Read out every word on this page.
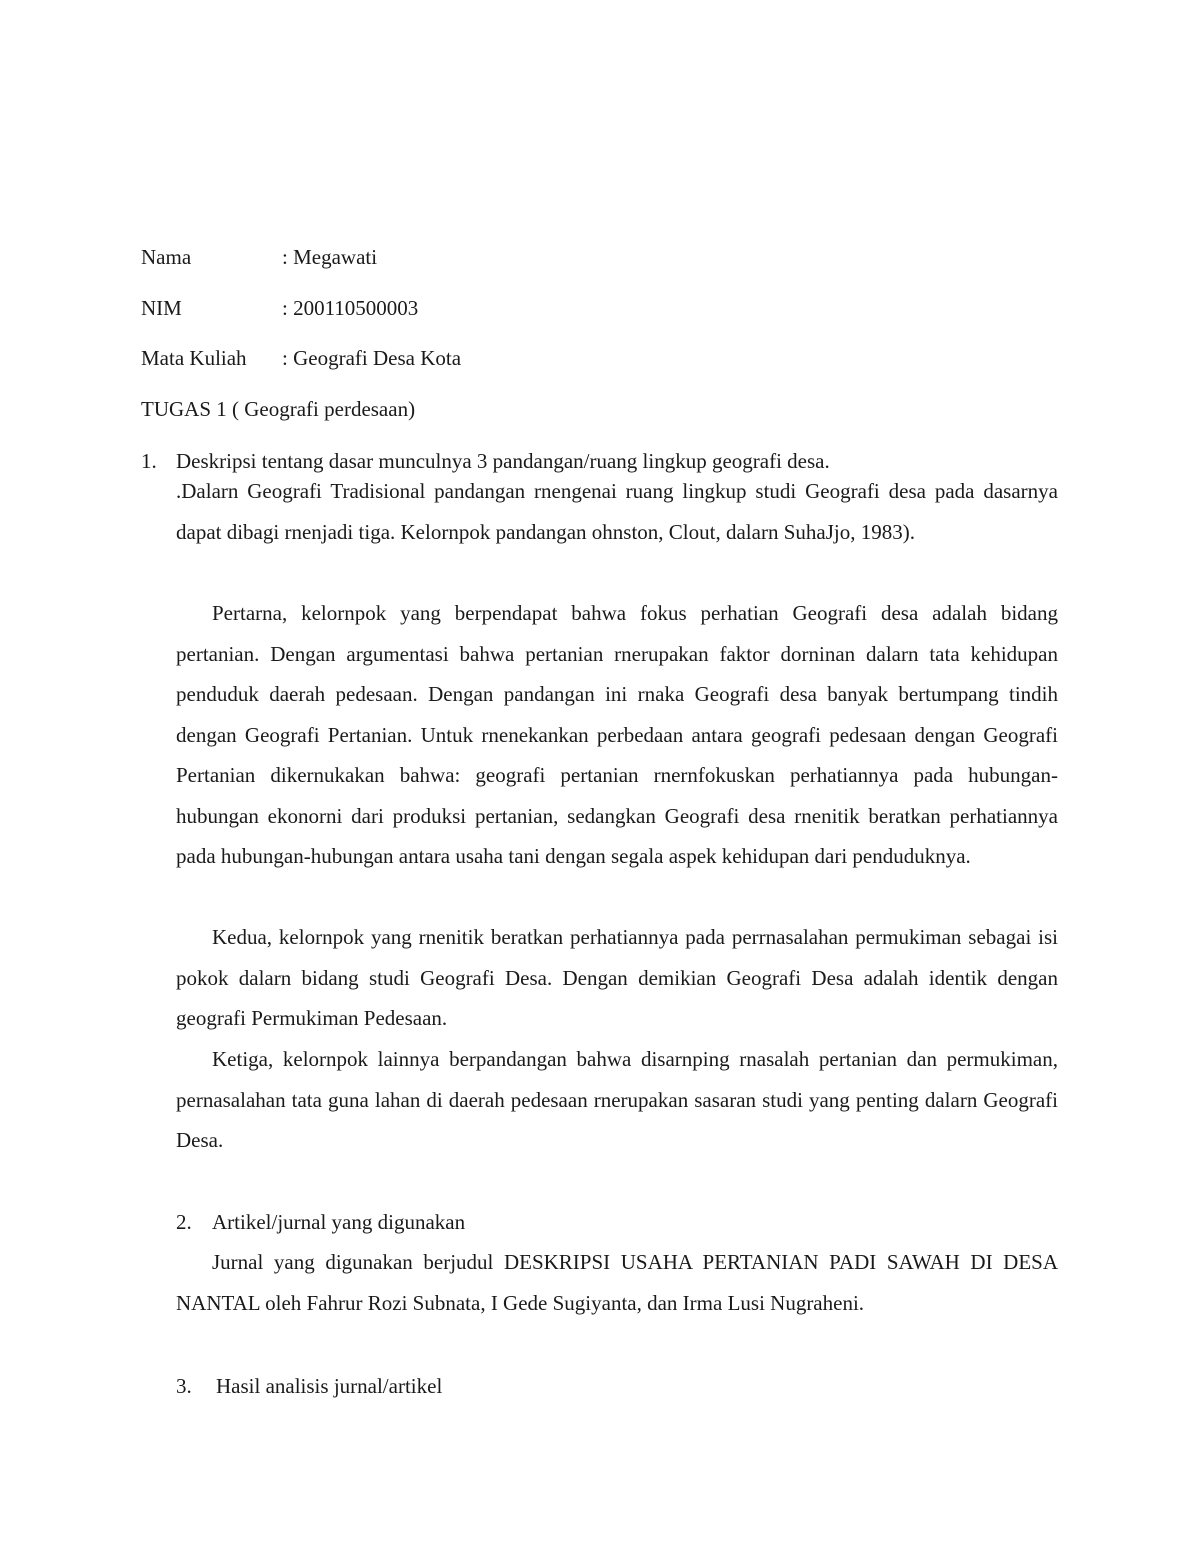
Nama	: Megawati
NIM	: 200110500003
Mata Kuliah : Geografi Desa Kota
TUGAS 1 ( Geografi perdesaan)
1. Deskripsi tentang dasar munculnya 3 pandangan/ruang lingkup geografi desa.

.Dalarn Geografi Tradisional pandangan rnengenai ruang lingkup studi Geografi desa pada dasarnya dapat dibagi rnenjadi tiga. Kelornpok pandangan ohnston, Clout, dalarn SuhaJjo, 1983).

Pertarna, kelornpok yang berpendapat bahwa fokus perhatian Geografi desa adalah bidang pertanian. Dengan argumentasi bahwa pertanian rnerupakan faktor dorninan dalarn tata kehidupan penduduk daerah pedesaan. Dengan pandangan ini rnaka Geografi desa banyak bertumpang tindih dengan Geografi Pertanian. Untuk rnenekankan perbedaan antara geografi pedesaan dengan Geografi Pertanian dikernukakan bahwa: geografi pertanian rnernfokuskan perhatiannya pada hubungan-hubungan ekonorni dari produksi pertanian, sedangkan Geografi desa rnenitik beratkan perhatiannya pada hubungan-hubungan antara usaha tani dengan segala aspek kehidupan dari penduduknya.

Kedua, kelornpok yang rnenitik beratkan perhatiannya pada perrnasalahan permukiman sebagai isi pokok dalarn bidang studi Geografi Desa. Dengan demikian Geografi Desa adalah identik dengan geografi Permukiman Pedesaan.

Ketiga, kelornpok lainnya berpandangan bahwa disarnping rnasalah pertanian dan permukiman, pernasalahan tata guna lahan di daerah pedesaan rnerupakan sasaran studi yang penting dalarn Geografi Desa.

2. Artikel/jurnal yang digunakan

Jurnal yang digunakan berjudul DESKRIPSI USAHA PERTANIAN PADI SAWAH DI DESA NANTAL oleh Fahrur Rozi Subnata, I Gede Sugiyanta, dan Irma Lusi Nugraheni.

3. Hasil analisis jurnal/artikel
